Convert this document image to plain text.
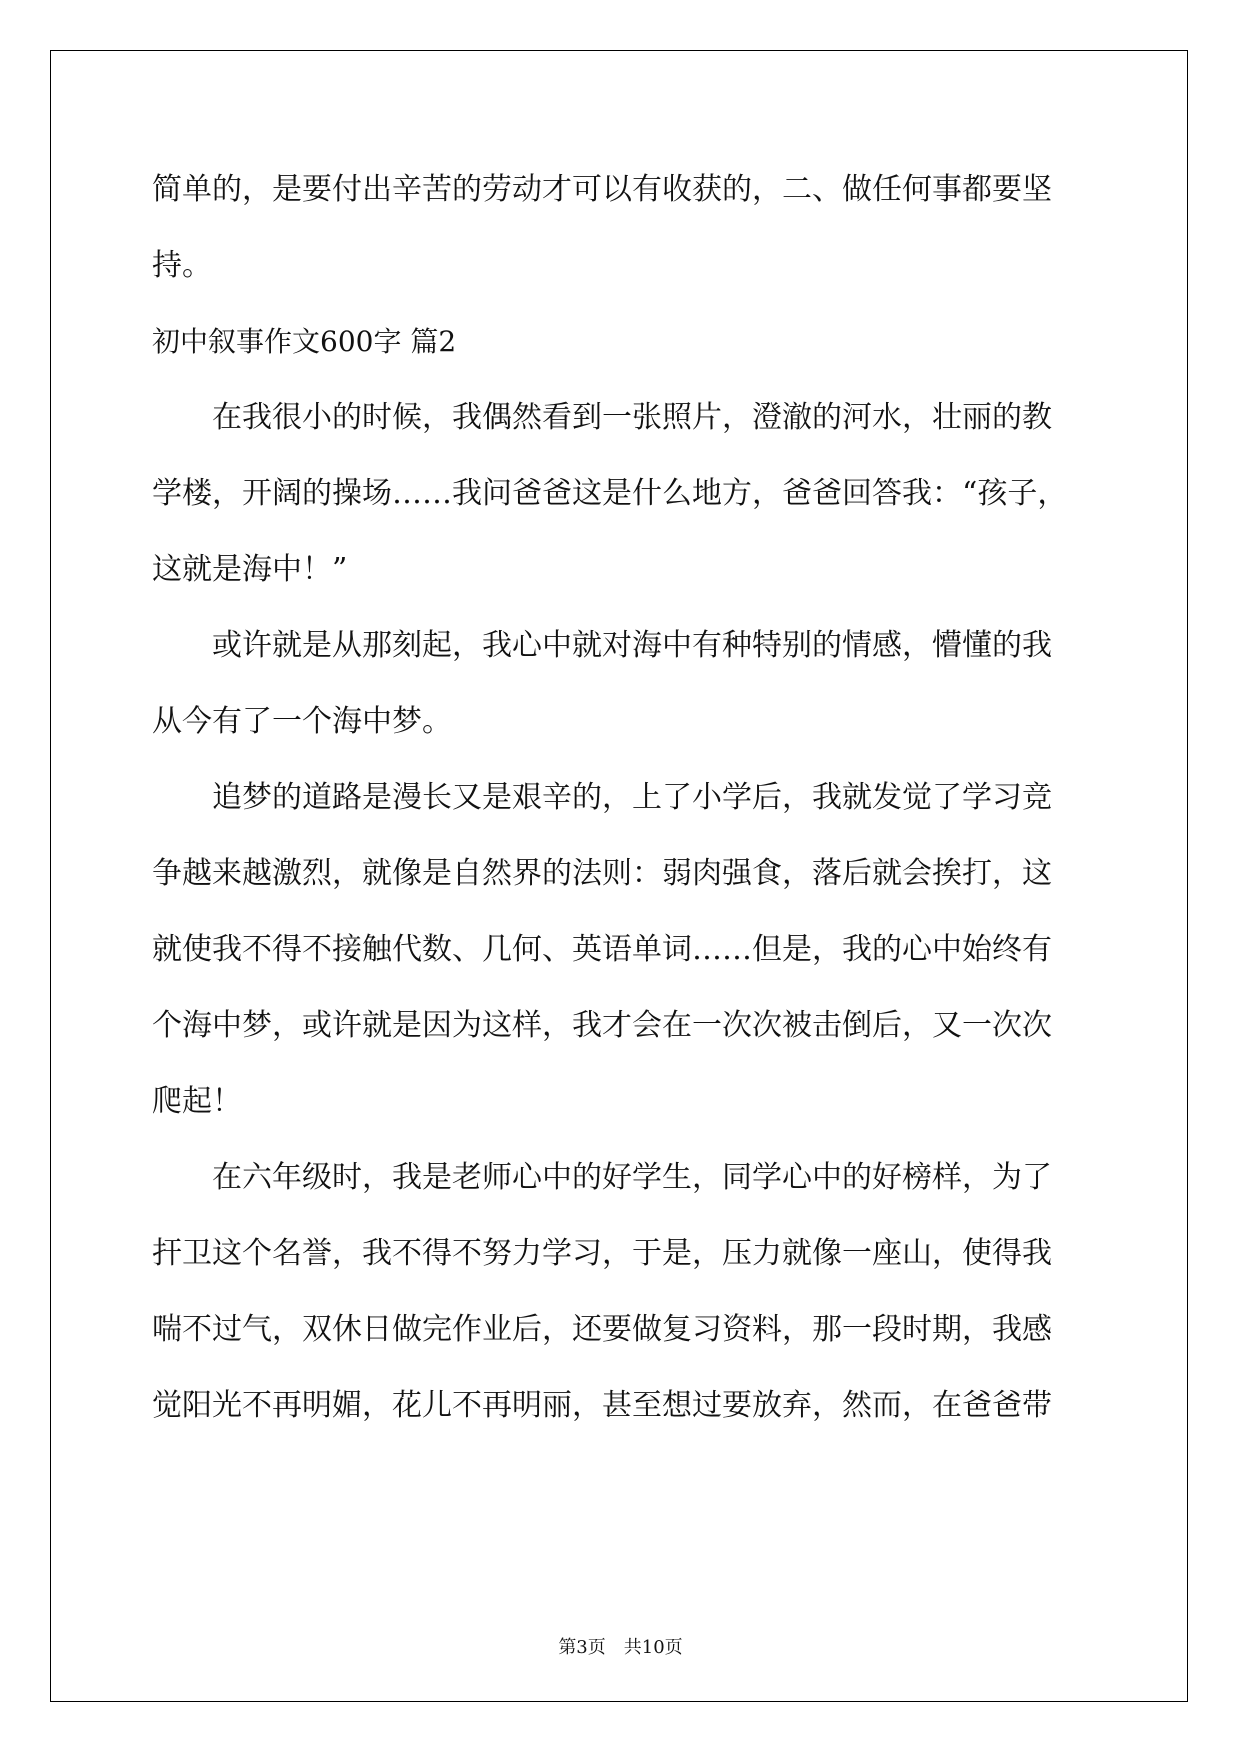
简单的，是要付出辛苦的劳动才可以有收获的，二、做任何事都要坚
持。
初中叙事作文600字 篇2
在我很小的时候，我偶然看到一张照片，澄澈的河水，壮丽的教
学楼，开阔的操场……我问爸爸这是什么地方，爸爸回答我：“孩子，
这就是海中！”
或许就是从那刻起，我心中就对海中有种特别的情感，懵懂的我
从今有了一个海中梦。
追梦的道路是漫长又是艰辛的，上了小学后，我就发觉了学习竞
争越来越激烈，就像是自然界的法则：弱肉强食，落后就会挨打，这
就使我不得不接触代数、几何、英语单词……但是，我的心中始终有
个海中梦，或许就是因为这样，我才会在一次次被击倒后，又一次次
爬起！
在六年级时，我是老师心中的好学生，同学心中的好榜样，为了
扞卫这个名誉，我不得不努力学习，于是，压力就像一座山，使得我
喘不过气，双休日做完作业后，还要做复习资料，那一段时期，我感
觉阳光不再明媚，花儿不再明丽，甚至想过要放弃，然而，在爸爸带
第3页　共10页
